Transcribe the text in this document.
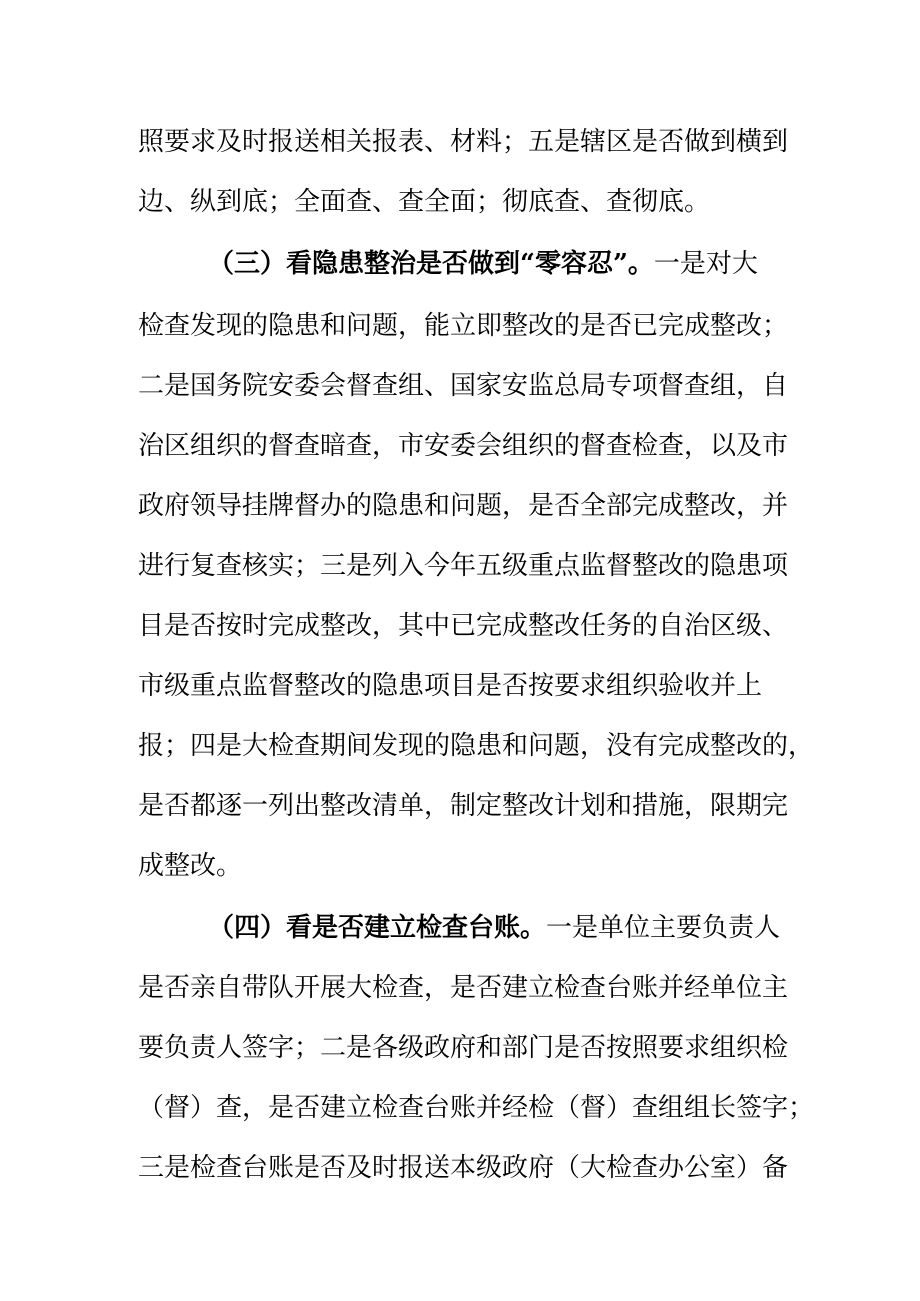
照要求及时报送相关报表、材料；五是辖区是否做到横到
边、纵到底；全面查、查全面；彻底查、查彻底。
（三）看隐患整治是否做到“零容忍”。一是对大
检查发现的隐患和问题，能立即整改的是否已完成整改；
二是国务院安委会督查组、国家安监总局专项督查组，自
治区组织的督查暗查，市安委会组织的督查检查，以及市
政府领导挂牌督办的隐患和问题，是否全部完成整改，并
进行复查核实；三是列入今年五级重点监督整改的隐患项
目是否按时完成整改，其中已完成整改任务的自治区级、
市级重点监督整改的隐患项目是否按要求组织验收并上
报；四是大检查期间发现的隐患和问题，没有完成整改的，
是否都逐一列出整改清单，制定整改计划和措施，限期完
成整改。
（四）看是否建立检查台账。一是单位主要负责人
是否亲自带队开展大检查，是否建立检查台账并经单位主
要负责人签字；二是各级政府和部门是否按照要求组织检
（督）查，是否建立检查台账并经检（督）查组组长签字；
三是检查台账是否及时报送本级政府（大检查办公室）备
